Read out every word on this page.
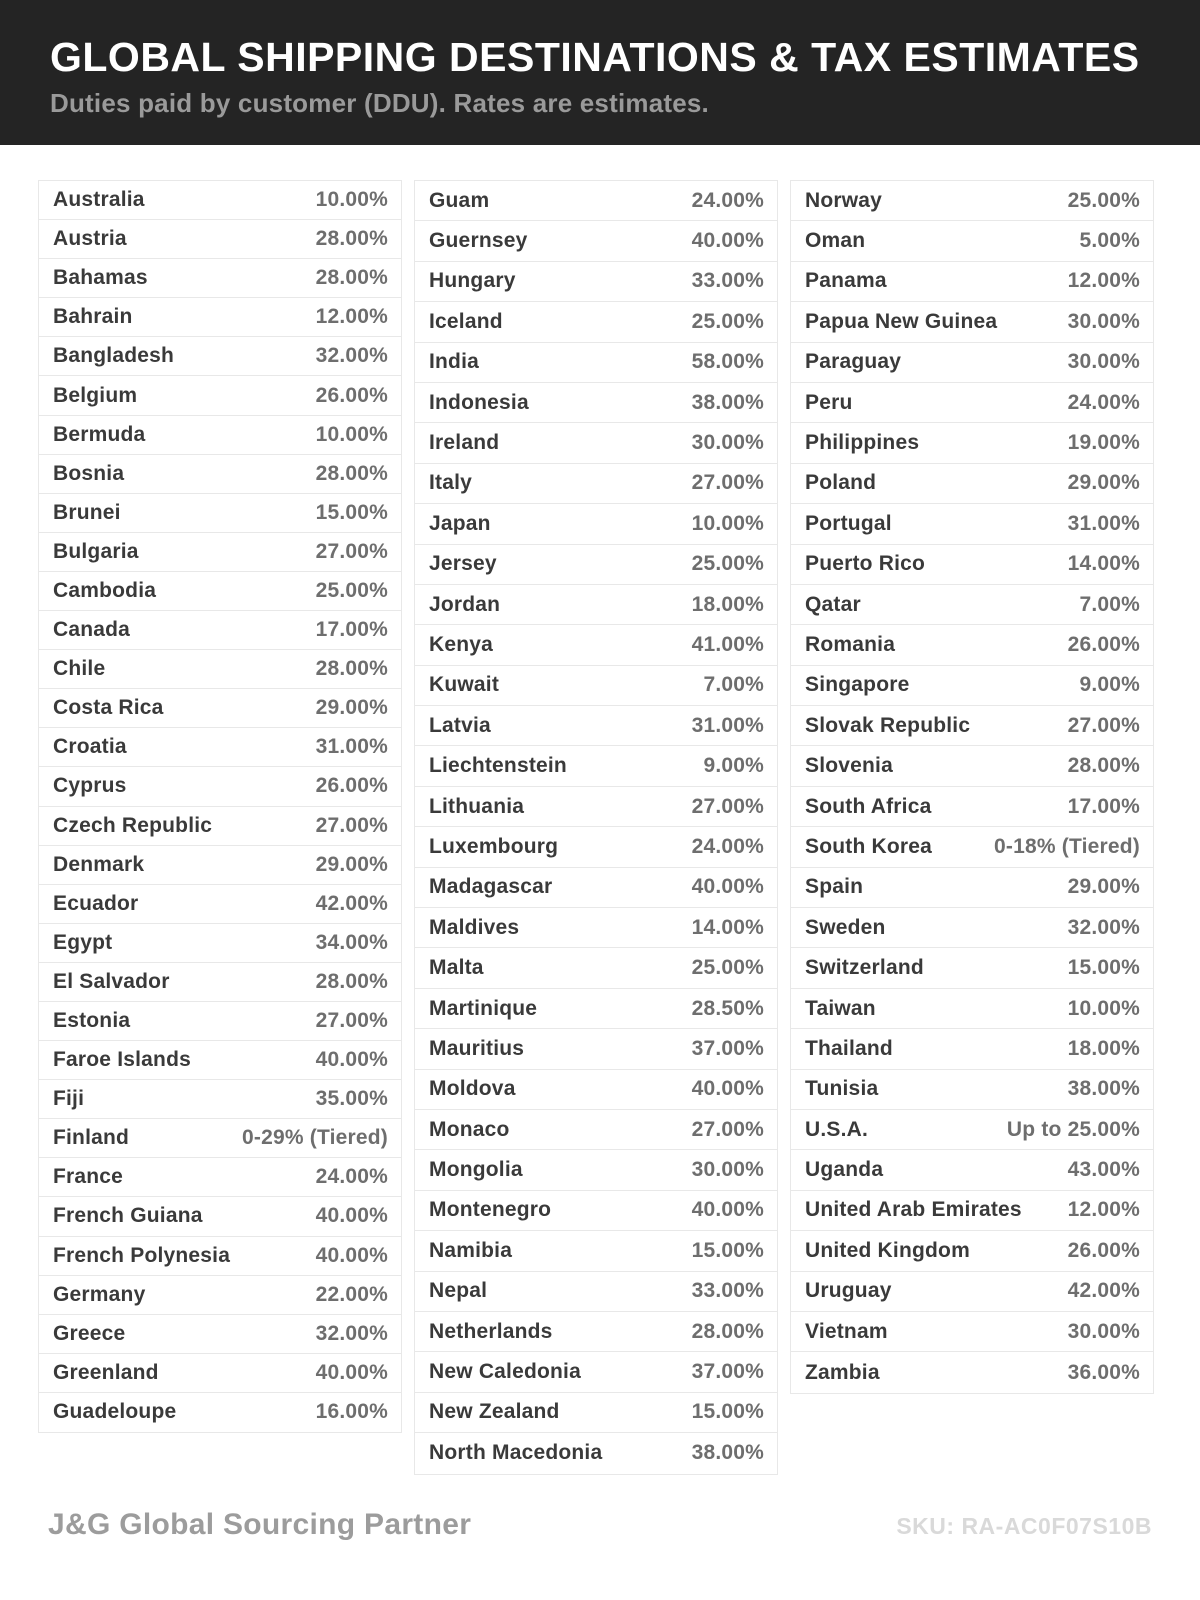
GLOBAL SHIPPING DESTINATIONS & TAX ESTIMATES

Duties paid by customer (DDU). Rates are estimates.

Australia	10.00%
Austria	28.00%
Bahamas	28.00%
Bahrain	12.00%
Bangladesh	32.00%
Belgium	26.00%
Bermuda	10.00%
Bosnia	28.00%
Brunei	15.00%
Bulgaria	27.00%
Cambodia	25.00%
Canada	17.00%
Chile	28.00%
Costa Rica	29.00%
Croatia	31.00%
Cyprus	26.00%
Czech Republic	27.00%
Denmark	29.00%
Ecuador	42.00%
Egypt	34.00%
El Salvador	28.00%
Estonia	27.00%
Faroe Islands	40.00%
Fiji	35.00%
Finland	0-29% (Tiered)
France	24.00%
French Guiana	40.00%
French Polynesia	40.00%
Germany	22.00%
Greece	32.00%
Greenland	40.00%
Guadeloupe	16.00%
Guam	24.00%
Guernsey	40.00%
Hungary	33.00%
Iceland	25.00%
India	58.00%
Indonesia	38.00%
Ireland	30.00%
Italy	27.00%
Japan	10.00%
Jersey	25.00%
Jordan	18.00%
Kenya	41.00%
Kuwait	7.00%
Latvia	31.00%
Liechtenstein	9.00%
Lithuania	27.00%
Luxembourg	24.00%
Madagascar	40.00%
Maldives	14.00%
Malta	25.00%
Martinique	28.50%
Mauritius	37.00%
Moldova	40.00%
Monaco	27.00%
Mongolia	30.00%
Montenegro	40.00%
Namibia	15.00%
Nepal	33.00%
Netherlands	28.00%
New Caledonia	37.00%
New Zealand	15.00%
North Macedonia	38.00%
Norway	25.00%
Oman	5.00%
Panama	12.00%
Papua New Guinea	30.00%
Paraguay	30.00%
Peru	24.00%
Philippines	19.00%
Poland	29.00%
Portugal	31.00%
Puerto Rico	14.00%
Qatar	7.00%
Romania	26.00%
Singapore	9.00%
Slovak Republic	27.00%
Slovenia	28.00%
South Africa	17.00%
South Korea	0-18% (Tiered)
Spain	29.00%
Sweden	32.00%
Switzerland	15.00%
Taiwan	10.00%
Thailand	18.00%
Tunisia	38.00%
U.S.A.	Up to 25.00%
Uganda	43.00%
United Arab Emirates 12.00%
United Kingdom	26.00%
Uruguay	42.00%
Vietnam	30.00%
Zambia	36.00%
J&G Global Sourcing Partner	SKU: RA-AC0F07S10B
